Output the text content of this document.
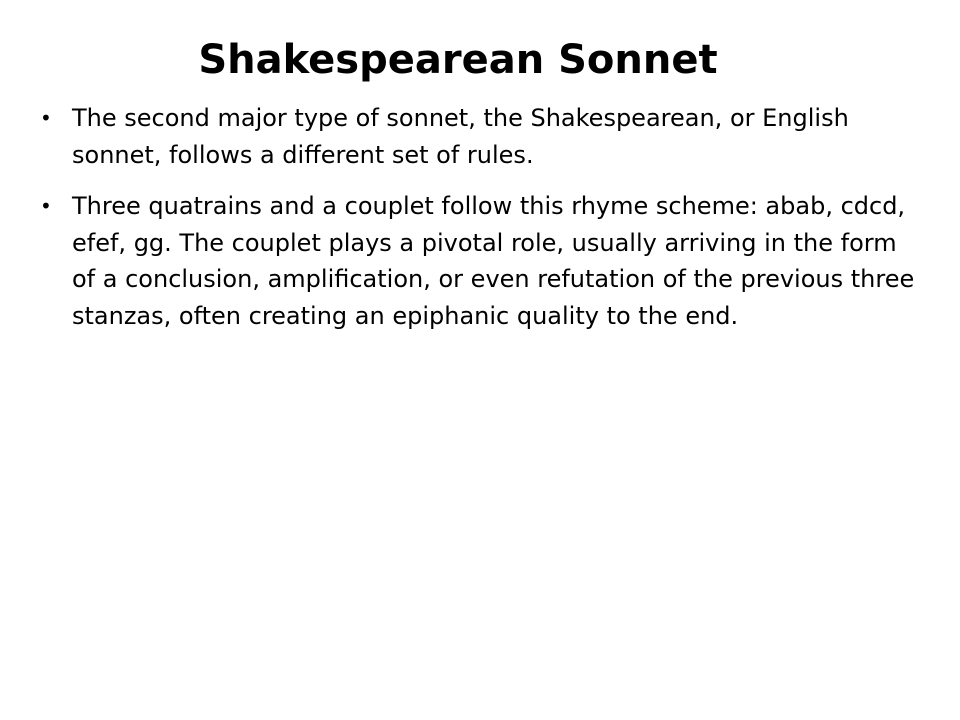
Shakespearean Sonnet
• The second major type of sonnet, the Shakespearean, or English sonnet, follows a different set of rules.
• Three quatrains and a couplet follow this rhyme scheme: abab, cdcd, efef, gg. The couplet plays a pivotal role, usually arriving in the form of a conclusion, amplification, or even refutation of the previous three stanzas, often creating an epiphanic quality to the end.
